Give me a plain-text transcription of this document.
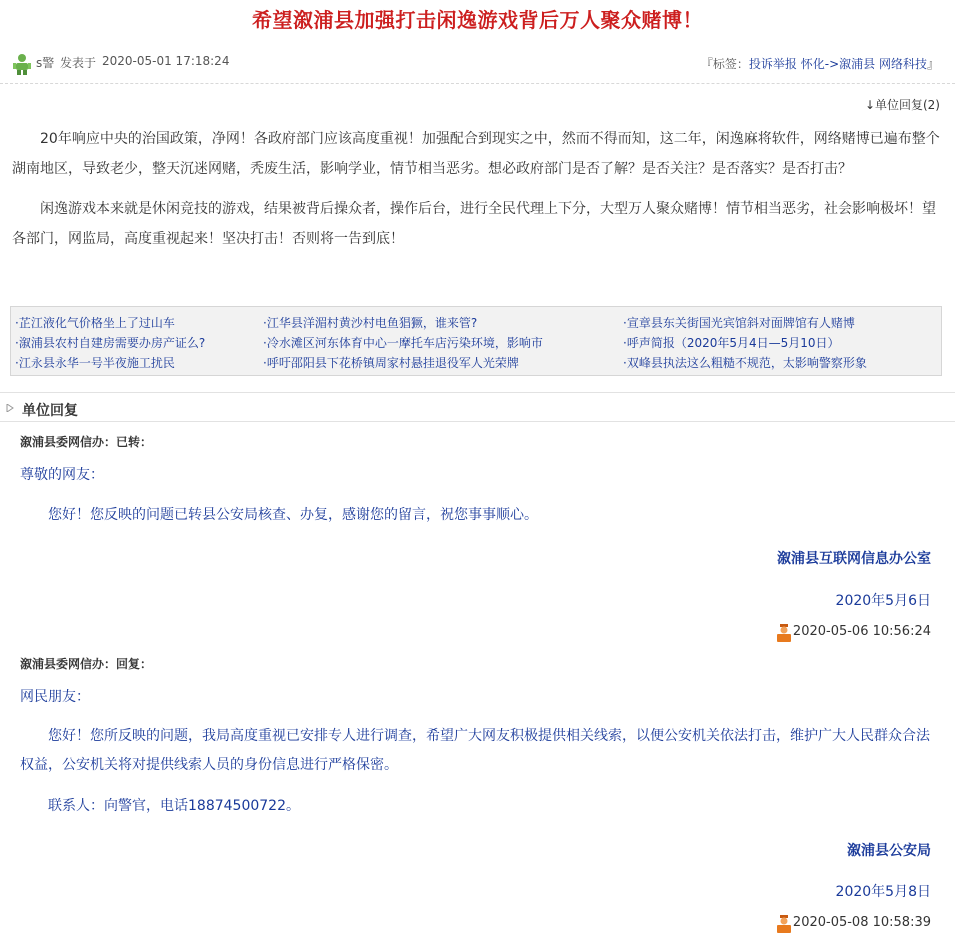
希望溆浦县加强打击闲逸游戏背后万人聚众赌博！
s警 发表于 2020-05-01 17:18:24	『标签：投诉举报 怀化->溆浦县 网络科技』
↓单位回复(2)

20年响应中央的治国政策，净网！各政府部门应该高度重视！加强配合到现实之中，然而不得而知，这二年，闲逸麻将软件，网络赌博已遍布整个湖南地区，导致老少，整天沉迷网赌，秃废生活，影响学业，情节相当恶劣。想必政府部门是否了解？是否关注？是否落实？是否打击？

闲逸游戏本来就是休闲竞技的游戏，结果被背后操众者，操作后台，进行全民代理上下分，大型万人聚众赌博！情节相当恶劣，社会影响极坏！望各部门，网监局，高度重视起来！坚决打击！否则将一告到底！

· 芷江液化气价格坐上了过山车
· 溆浦县农村自建房需要办房产证么?
· 江永县永华一号半夜施工扰民
· 江华县洋湄村黄沙村电鱼猖獗，谁来管?
· 冷水滩区河东体育中心一摩托车店污染环境，影响市
· 呼吁邵阳县下花桥镇周家村悬挂退役军人光荣牌
· 宣章县东关街国光宾馆斜对面牌馆有人赌博
· 呼声简报（2020年5月4日—5月10日）
· 双峰县执法这么粗糙不规范，太影响警察形象
单位回复
溆浦县委网信办：已转：
尊敬的网友：

您好！您反映的问题已转县公安局核查、办复，感谢您的留言，祝您事事顺心。

溆浦县互联网信息办公室
2020年5月6日
2020-05-06 10:56:24
溆浦县委网信办：回复：
网民朋友：

您好！您所反映的问题，我局高度重视已安排专人进行调查，希望广大网友积极提供相关线索，以便公安机关依法打击，维护广大人民群众合法权益，公安机关将对提供线索人员的身份信息进行严格保密。

联系人：向警官，电话18874500722。

溆浦县公安局
2020年5月8日
2020-05-08 10:58:39
